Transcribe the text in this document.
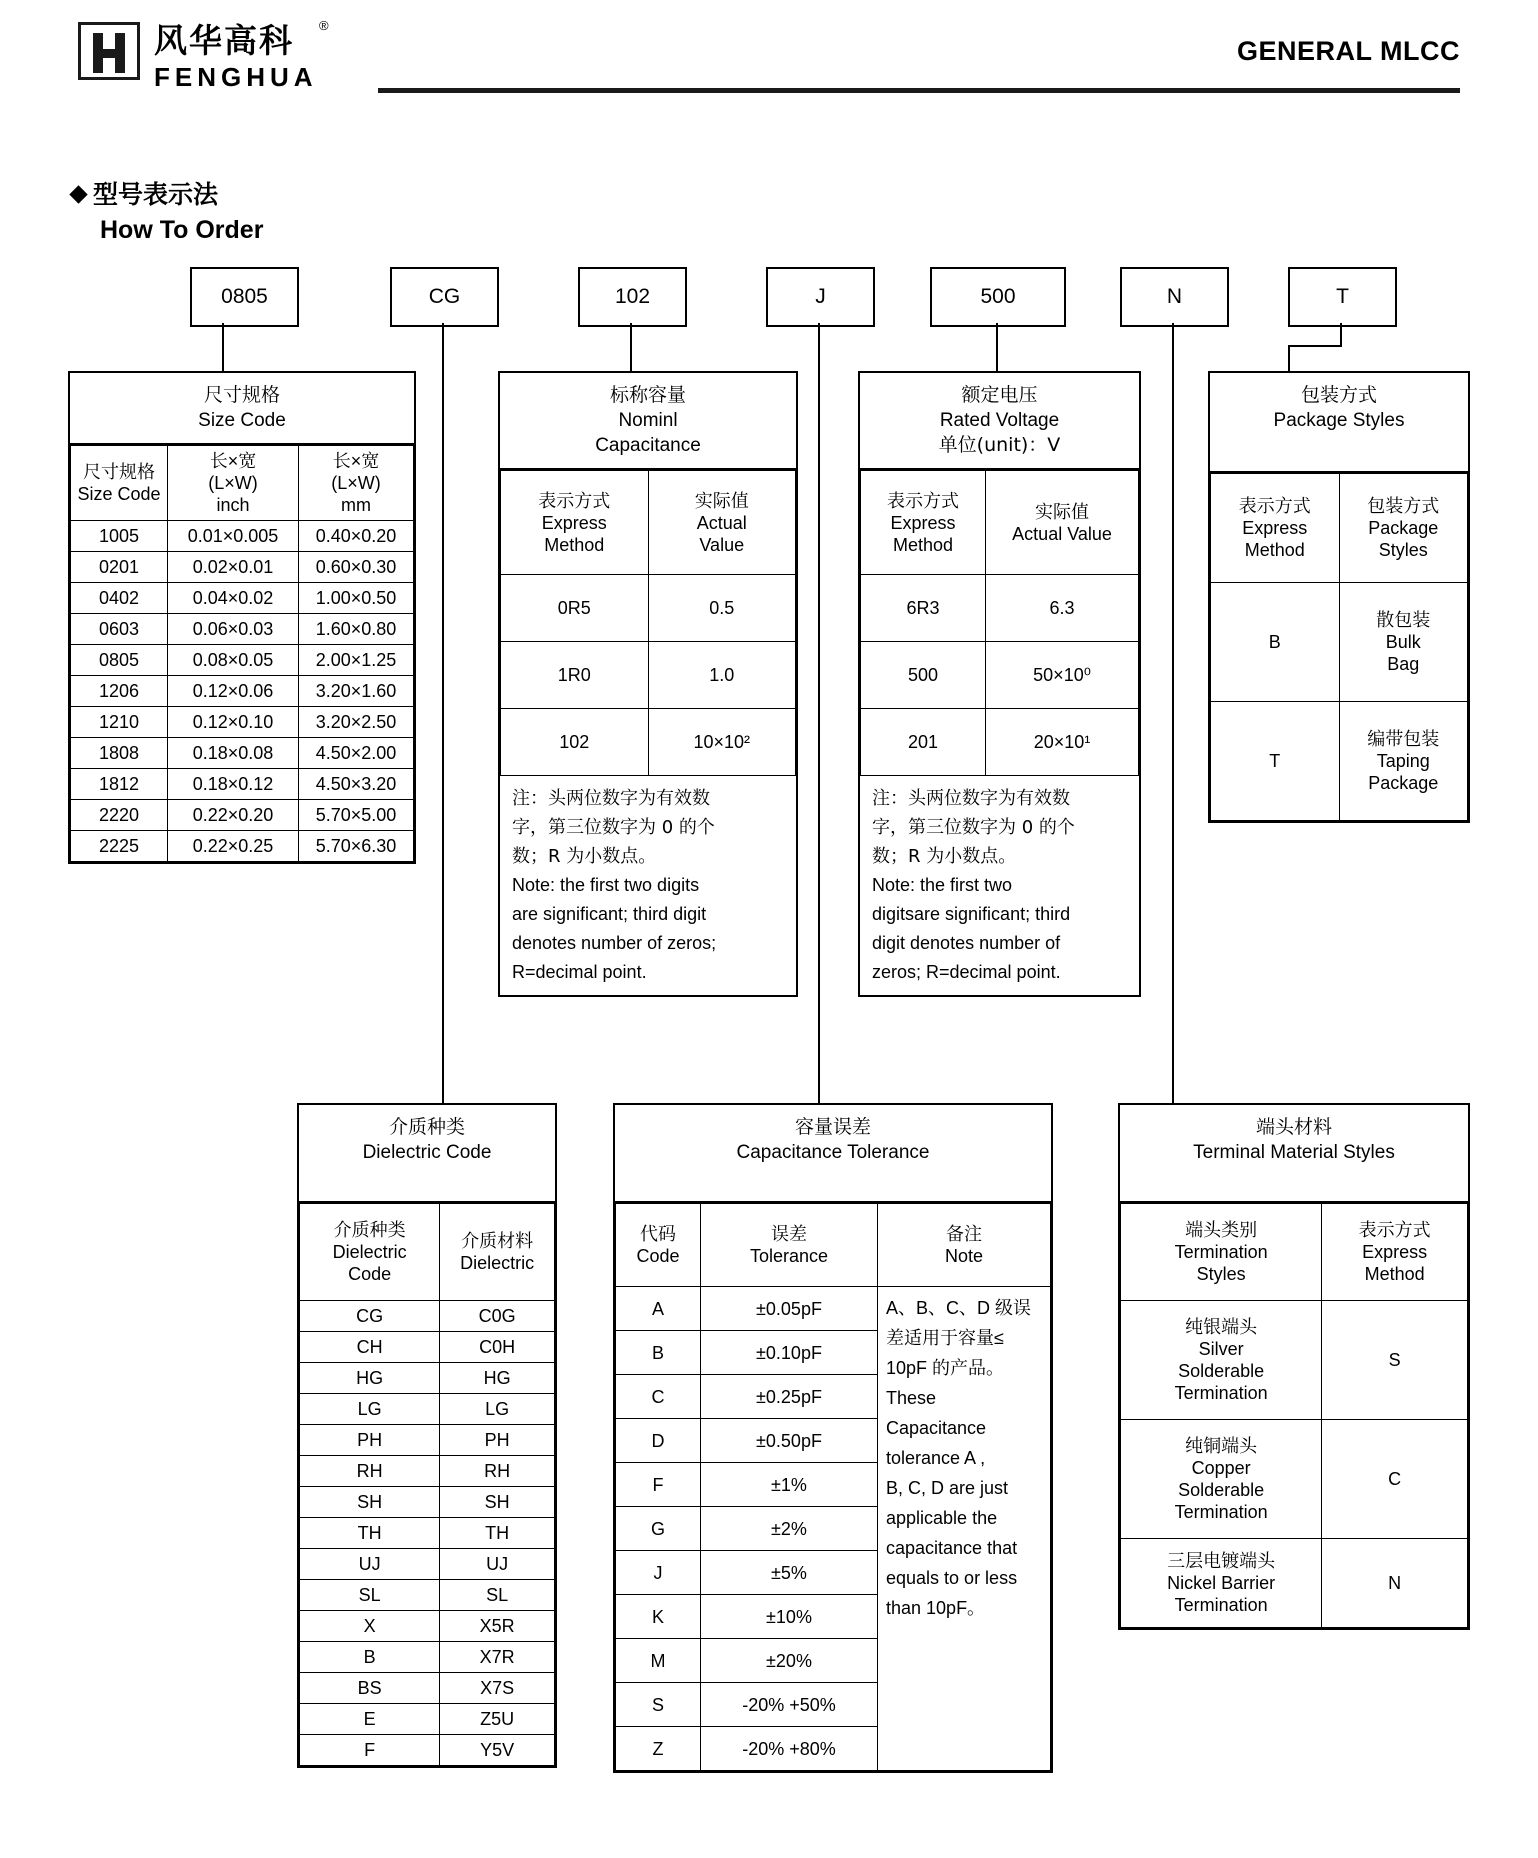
风华高科	®
FENGHUA
GENERAL MLCC
型号表示法
How To Order
0805	CG	102	J	500	N	T
尺寸规格
Size Code
尺寸规格
Size Code

长×宽
(L×W)
inch

长×宽
(L×W)
mm

1005	0.01×0.005	0.40×0.20
0201	0.02×0.01	0.60×0.30
0402	0.04×0.02	1.00×0.50
0603	0.06×0.03	1.60×0.80
0805	0.08×0.05	2.00×1.25
1206	0.12×0.06	3.20×1.60
1210	0.12×0.10	3.20×2.50
1808	0.18×0.08	4.50×2.00
1812	0.18×0.12	4.50×3.20
2220	0.22×0.20	5.70×5.00
2225	0.22×0.25	5.70×6.30
标称容量
Nominl
Capacitance
表示方式
Express
Method

实际值
Actual
Value

0R5	0.5
1R0	1.0
102	10×10²
注：头两位数字为有效数
字，第三位数字为 0 的个
数；R 为小数点。
Note: the first two digits
are significant; third digit
denotes number of zeros;
R=decimal point.
额定电压
Rated Voltage
单位(unit)：V
表示方式
Express
Method

实际值
Actual Value

6R3	6.3
500	50×10⁰
201	20×10¹
注：头两位数字为有效数
字，第三位数字为 0 的个
数；R 为小数点。
Note: the first two
digitsare significant; third
digit denotes number of
zeros; R=decimal point.
包装方式
Package Styles
表示方式
Express
Method

包装方式
Package
Styles

B	散包装
Bulk
Bag

T	编带包装
Taping
Package
介质种类
Dielectric Code
介质种类
Dielectric
Code

介质材料
Dielectric

CG	C0G
CH	C0H
HG	HG
LG	LG
PH	PH
RH	RH
SH	SH
TH	TH
UJ	UJ
SL	SL
X	X5R
B	X7R
BS	X7S
E	Z5U
F	Y5V
容量误差
Capacitance Tolerance
代码
Code

误差
Tolerance

备注
Note

A	±0.05pF	A、B、C、D 级误
差适用于容量≤
10pF 的产品。
These
Capacitance
tolerance A ,
B, C, D are just
applicable the
capacitance that
equals to or less
than 10pF。

B	±0.10pF	
C	±0.25pF	
D	±0.50pF	
F	±1%	
G	±2%	
J	±5%	
K	±10%	
M	±20%	
S	-20% +50%	
Z	-20% +80%	
端头材料
Terminal Material Styles
端头类别
Termination
Styles

表示方式
Express
Method

纯银端头
Silver
Solderable
Termination	S

纯铜端头
Copper
Solderable
Termination	C

三层电镀端头
Nickel Barrier
Termination	N
